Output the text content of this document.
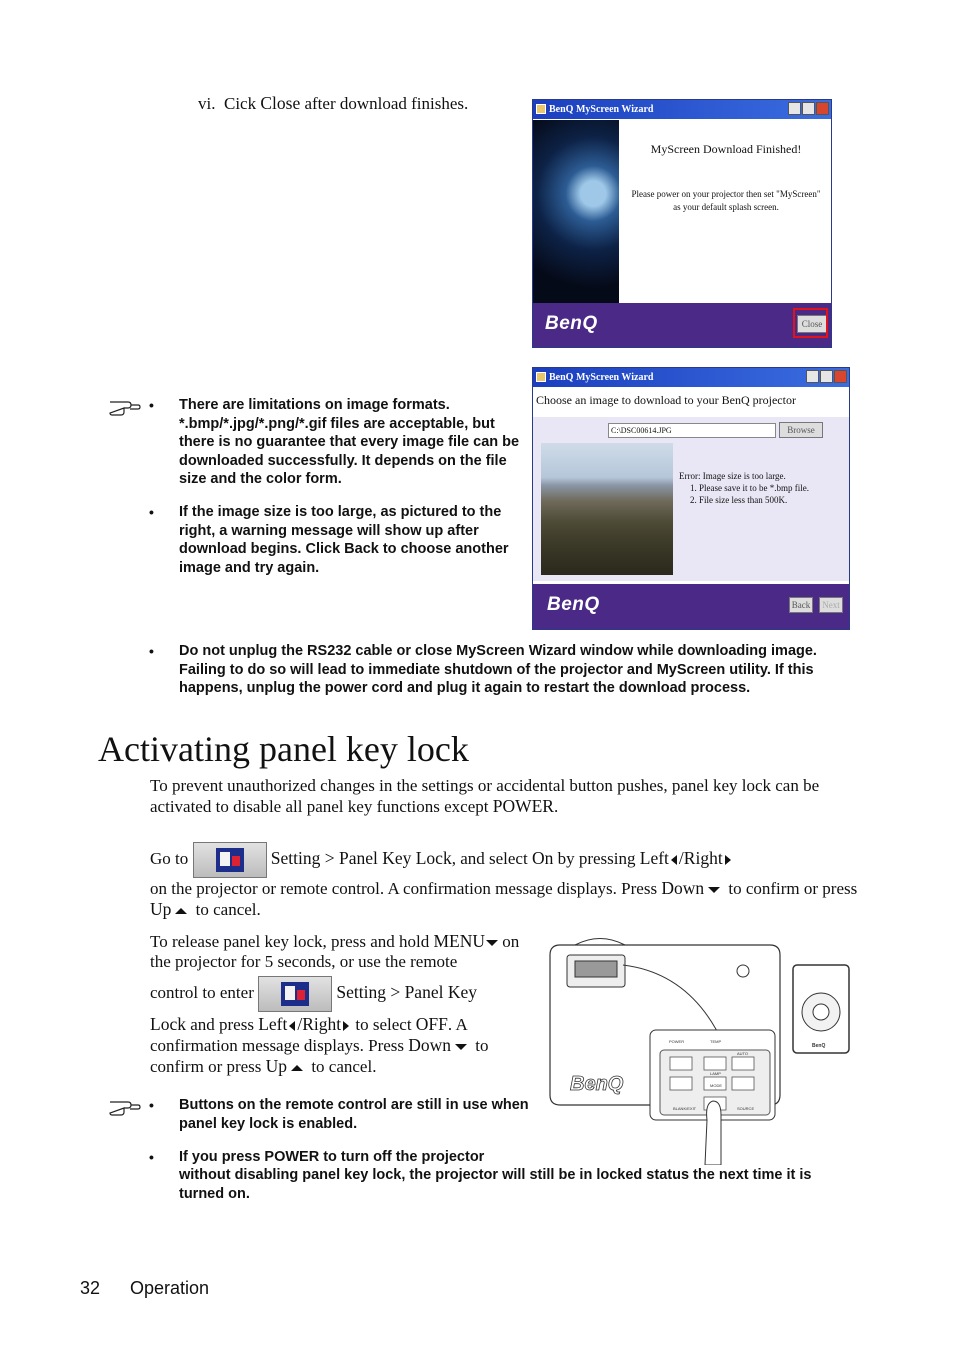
vi. Cick Close after download finishes.	BenQ MyScreen Wizard
MyScreen Download Finished!
Please power on your projector then set "MyScreen"
as your default splash screen.
BenQ	Close
• There are limitations on image formats. *.bmp/*.jpg/*.png/*.gif files are acceptable, but there is no guarantee that every image file can be downloaded successfully. It depends on the file size and the color form.
• If the image size is too large, as pictured to the right, a warning message will show up after download begins. Click Back to choose another image and try again.
BenQ MyScreen Wizard
Choose an image to download to your BenQ projector
C:\DSC00614.JPG	Browse
Error: Image size is too large.
1. Please save it to be *.bmp file.
2. File size less than 500K.
BenQ	Back	Next
• Do not unplug the RS232 cable or close MyScreen Wizard window while downloading image. Failing to do so will lead to immediate shutdown of the projector and MyScreen utility. If this happens, unplug the power cord and plug it again to restart the download process.
Activating panel key lock
To prevent unauthorized changes in the settings or accidental button pushes, panel key lock can be activated to disable all panel key functions except POWER.
Go to	Setting > Panel Key Lock, and select On by pressing Left /Right
on the projector or remote control. A confirmation message displays. Press Down to confirm or press Up to cancel.
To release panel key lock, press and hold MENU on the projector for 5 seconds, or use the remote
control to enter	Setting > Panel Key
Lock and press Left /Right to select OFF. A confirmation message displays. Press Down to confirm or press Up to cancel.
POWER	TEMP
AUTO
LAMP
MODE
SOURCE
BLANK/EXIT
BenQ
BenQ
• Buttons on the remote control are still in use when panel key lock is enabled.
• If you press POWER to turn off the projector
without disabling panel key lock, the projector will still be in locked status the next time it is turned on.
32 Operation
